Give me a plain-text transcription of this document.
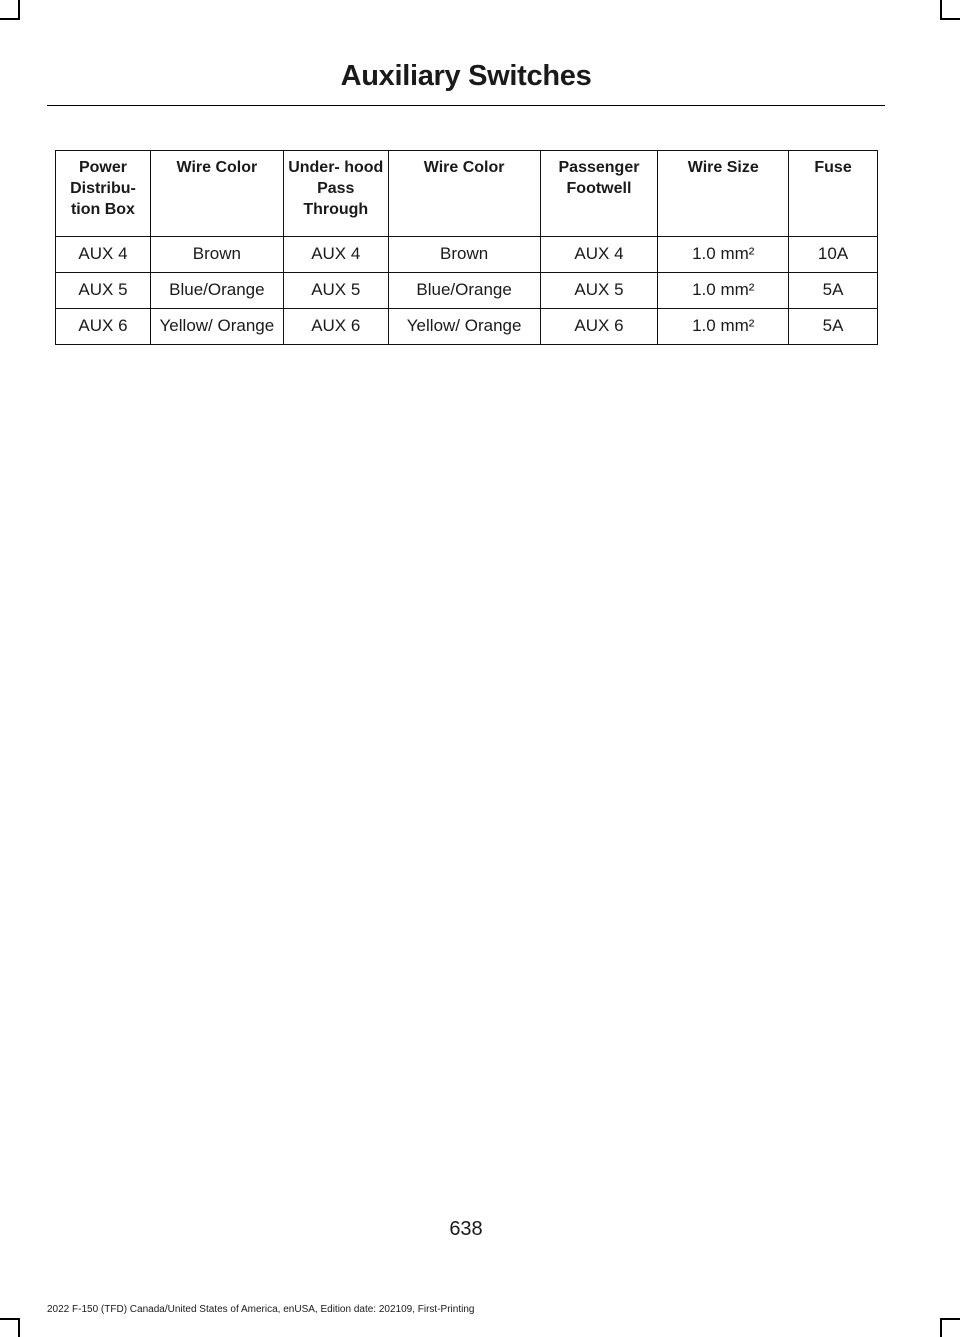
Auxiliary Switches
Power Distribu- tion Box	Wire Color	Under- hood Pass Through	Wire Color	Passenger Footwell	Wire Size	Fuse
AUX 4	Brown	AUX 4	Brown	AUX 4	1.0 mm²	10A
AUX 5	Blue/Orange	AUX 5	Blue/Orange	AUX 5	1.0 mm²	5A
AUX 6	Yellow/ Orange	AUX 6	Yellow/ Orange	AUX 6	1.0 mm²	5A
638
2022 F-150 (TFD) Canada/United States of America, enUSA, Edition date: 202109, First-Printing
